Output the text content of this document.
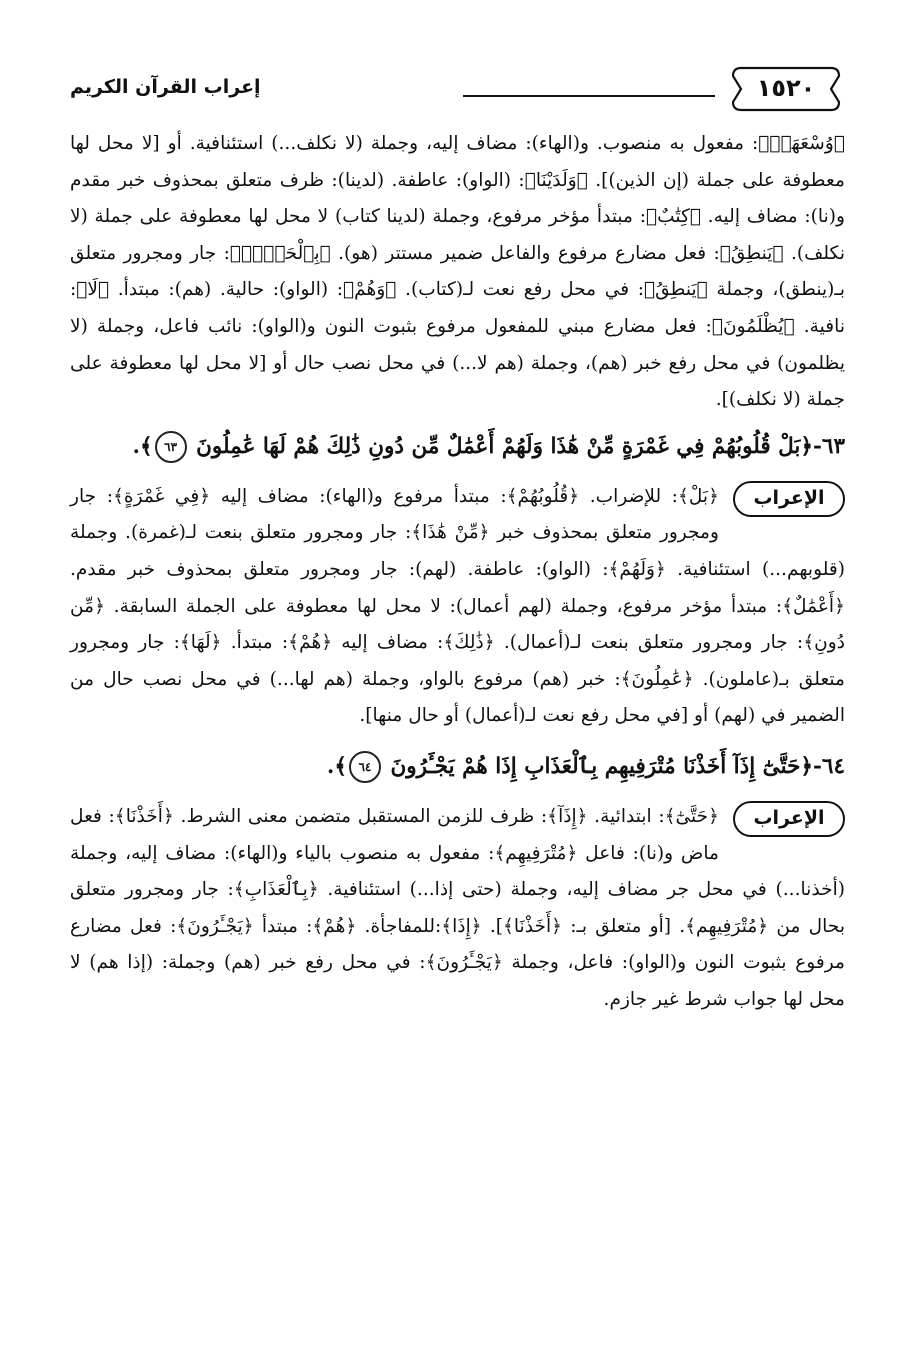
١٥٢٠
إعراب القرآن الكريم

﴿وُسْعَهَاۚ﴾: مفعول به منصوب. و(الهاء): مضاف إليه، وجملة (لا نكلف...) استئنافية. أو [لا محل لها معطوفة على جملة (إن الذين)]. ﴿وَلَدَيْنَا﴾: (الواو): عاطفة. (لدينا): ظرف متعلق بمحذوف خبر مقدم و(نا): مضاف إليه. ﴿كِتَٰبٌ﴾: مبتدأ مؤخر مرفوع، وجملة (لدينا كتاب) لا محل لها معطوفة على جملة (لا نكلف). ﴿يَنطِقُ﴾: فعل مضارع مرفوع والفاعل ضمير مستتر (هو). ﴿بِٱلْحَقِّۚ﴾: جار ومجرور متعلق بـ(ينطق)، وجملة ﴿يَنطِقُ﴾: في محل رفع نعت لـ(كتاب). ﴿وَهُمْ﴾: (الواو): حالية. (هم): مبتدأ. ﴿لَا﴾: نافية. ﴿يُظْلَمُونَ﴾: فعل مضارع مبني للمفعول مرفوع بثبوت النون و(الواو): نائب فاعل، وجملة (لا يظلمون) في محل رفع خبر (هم)، وجملة (هم لا...) في محل نصب حال أو [لا محل لها معطوفة على جملة (لا نكلف)].

٦٣-﴿بَلْ قُلُوبُهُمْ فِي غَمْرَةٍ مِّنْ هَٰذَا وَلَهُمْ أَعْمَٰلٌ مِّن دُونِ ذَٰلِكَ هُمْ لَهَا عَٰمِلُونَ ٦٣﴾.
الإعراب

﴿بَلْ﴾: للإضراب. ﴿قُلُوبُهُمْ﴾: مبتدأ مرفوع و(الهاء): مضاف إليه ﴿فِي غَمْرَةٍ﴾: جار ومجرور متعلق بمحذوف خبر ﴿مِّنْ هَٰذَا﴾: جار ومجرور متعلق بنعت لـ(غمرة). وجملة (قلوبهم...) استئنافية. ﴿وَلَهُمْ﴾: (الواو): عاطفة. (لهم): جار ومجرور متعلق بمحذوف خبر مقدم. ﴿أَعْمَٰلٌ﴾: مبتدأ مؤخر مرفوع، وجملة (لهم أعمال): لا محل لها معطوفة على الجملة السابقة. ﴿مِّن دُونِ﴾: جار ومجرور متعلق بنعت لـ(أعمال). ﴿ذَٰلِكَ﴾: مضاف إليه ﴿هُمْ﴾: مبتدأ. ﴿لَهَا﴾: جار ومجرور متعلق بـ(عاملون). ﴿عَٰمِلُونَ﴾: خبر (هم) مرفوع بالواو، وجملة (هم لها...) في محل نصب حال من الضمير في (لهم) أو [في محل رفع نعت لـ(أعمال) أو حال منها].

٦٤-﴿حَتَّىٰٓ إِذَآ أَخَذْنَا مُتْرَفِيهِم بِٱلْعَذَابِ إِذَا هُمْ يَجْـَٔرُونَ ٦٤﴾.
الإعراب

﴿حَتَّىٰٓ﴾: ابتدائية. ﴿إِذَآ﴾: ظرف للزمن المستقبل متضمن معنى الشرط. ﴿أَخَذْنَا﴾: فعل ماض و(نا): فاعل ﴿مُتْرَفِيهِم﴾: مفعول به منصوب بالياء و(الهاء): مضاف إليه، وجملة (أخذنا...) في محل جر مضاف إليه، وجملة (حتى إذا...) استئنافية. ﴿بِٱلْعَذَابِ﴾: جار ومجرور متعلق بحال من ﴿مُتْرَفِيهِم﴾. [أو متعلق بـ: ﴿أَخَذْنَا﴾]. ﴿إِذَا﴾:للمفاجأة. ﴿هُمْ﴾: مبتدأ ﴿يَجْـَٔرُونَ﴾: فعل مضارع مرفوع بثبوت النون و(الواو): فاعل، وجملة ﴿يَجْـَٔرُونَ﴾: في محل رفع خبر (هم) وجملة: (إذا هم) لا محل لها جواب شرط غير جازم.
